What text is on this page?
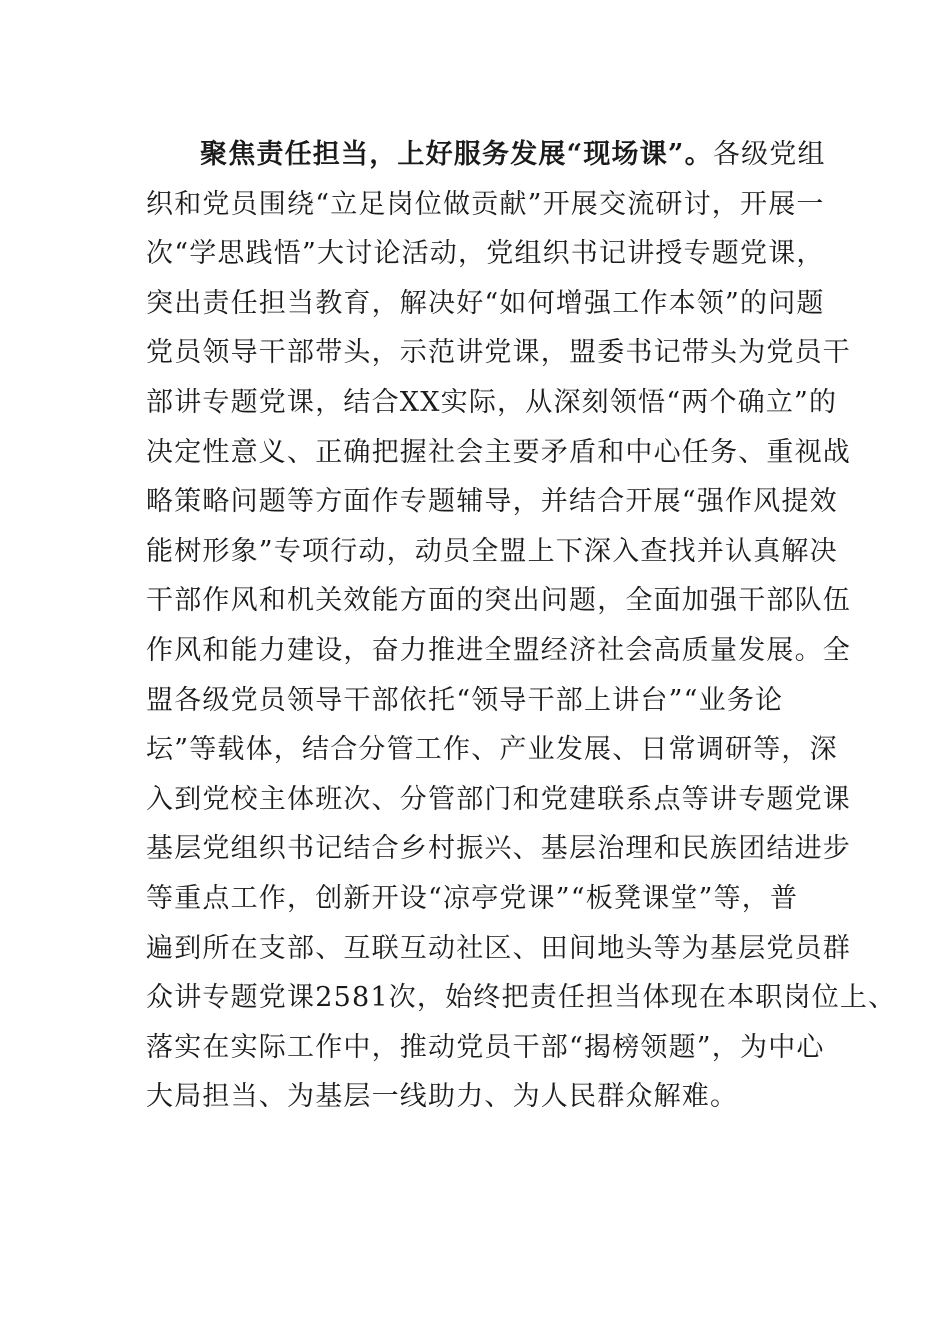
聚焦责任担当，上好服务发展“现场课”。各级党组
织和党员围绕“立足岗位做贡献”开展交流研讨，开展一
次“学思践悟”大讨论活动，党组织书记讲授专题党课，
突出责任担当教育，解决好“如何增强工作本领”的问题
党员领导干部带头，示范讲党课，盟委书记带头为党员干
部讲专题党课，结合XX实际，从深刻领悟“两个确立”的
决定性意义、正确把握社会主要矛盾和中心任务、重视战
略策略问题等方面作专题辅导，并结合开展“强作风提效
能树形象”专项行动，动员全盟上下深入查找并认真解决
干部作风和机关效能方面的突出问题，全面加强干部队伍
作风和能力建设，奋力推进全盟经济社会高质量发展。全
盟各级党员领导干部依托“领导干部上讲台”“业务论
坛”等载体，结合分管工作、产业发展、日常调研等，深
入到党校主体班次、分管部门和党建联系点等讲专题党课
基层党组织书记结合乡村振兴、基层治理和民族团结进步
等重点工作，创新开设“凉亭党课”“板凳课堂”等，普
遍到所在支部、互联互动社区、田间地头等为基层党员群
众讲专题党课2581次，始终把责任担当体现在本职岗位上、
落实在实际工作中，推动党员干部“揭榜领题”，为中心
大局担当、为基层一线助力、为人民群众解难。
